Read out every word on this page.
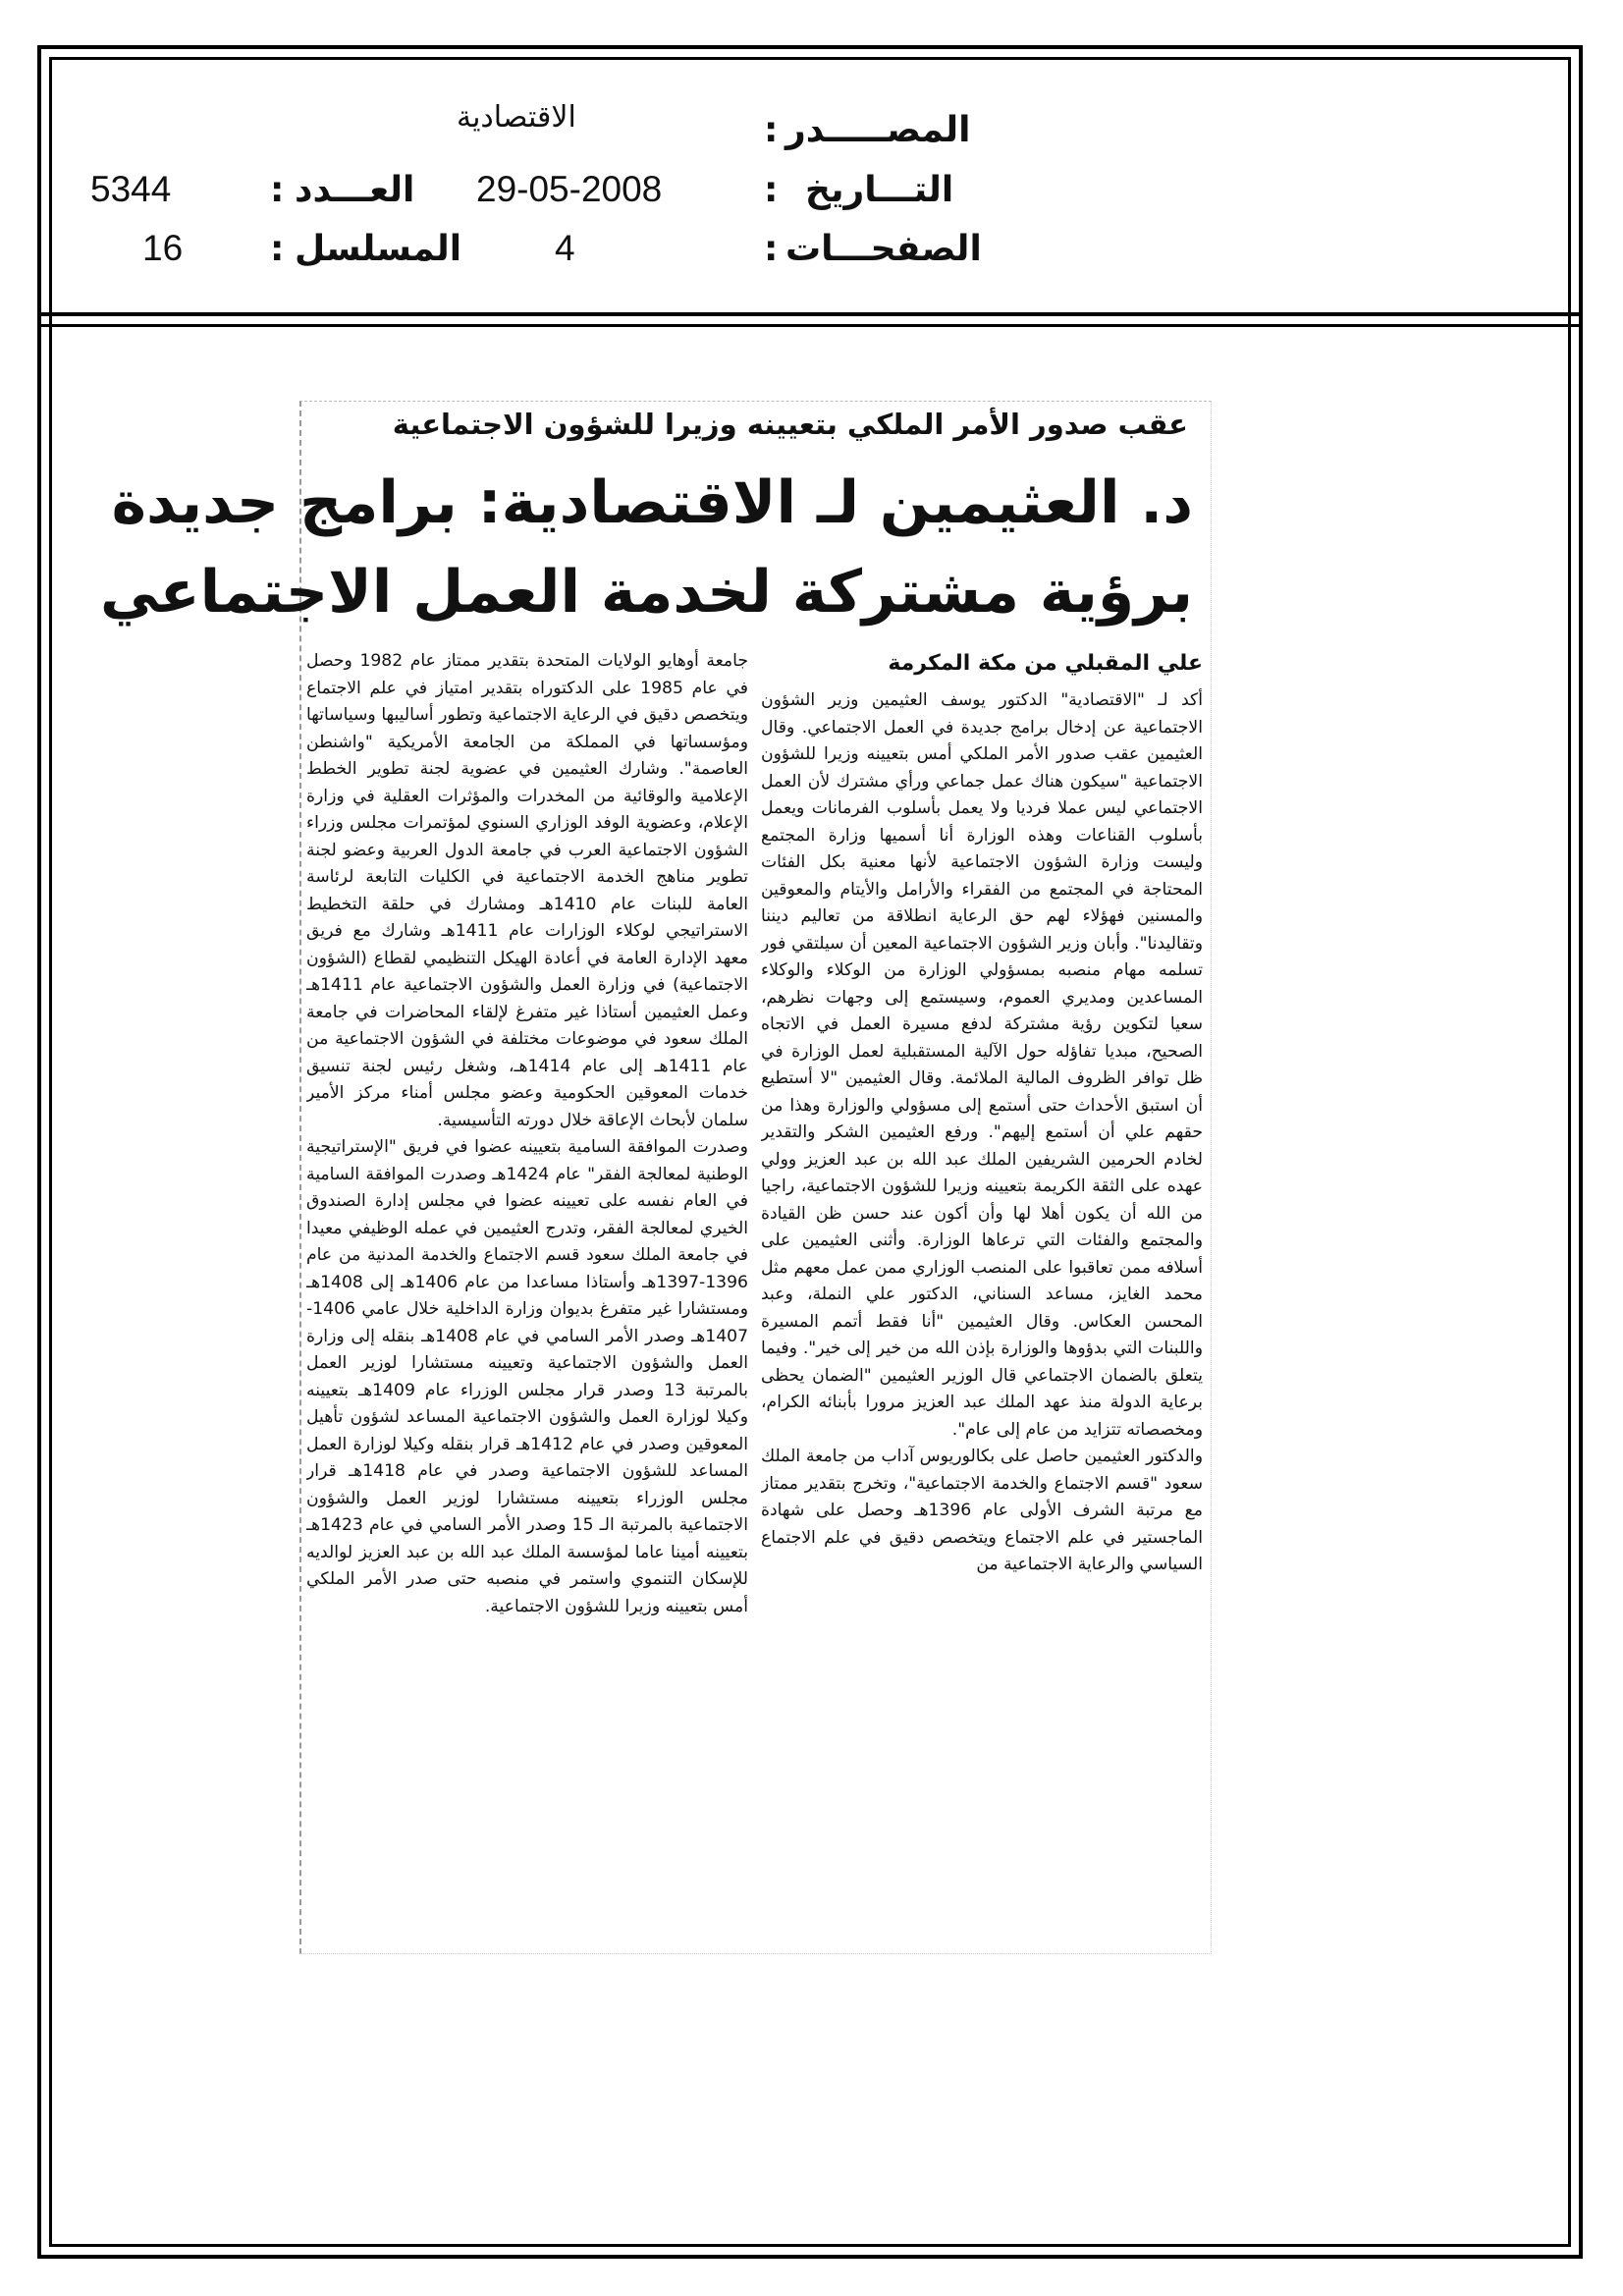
المصـــــدر
:
الاقتصادية
التـــاريخ
:
29-05-2008
العـــدد
:
5344
الصفحـــات
:
4
المسلسل
:
16
عقب صدور الأمر الملكي بتعيينه وزيرا للشؤون الاجتماعية
د. العثيمين لـ الاقتصادية: برامج جديدة
برؤية مشتركة لخدمة العمل الاجتماعي
علي المقبلي من مكة المكرمة

أكد لـ "الاقتصادية" الدكتور يوسف العثيمين وزير الشؤون الاجتماعية عن إدخال برامج جديدة في العمل الاجتماعي. وقال العثيمين عقب صدور الأمر الملكي أمس بتعيينه وزيرا للشؤون الاجتماعية "سيكون هناك عمل جماعي ورأي مشترك لأن العمل الاجتماعي ليس عملا فرديا ولا يعمل بأسلوب الفرمانات ويعمل بأسلوب القناعات وهذه الوزارة أنا أسميها وزارة المجتمع وليست وزارة الشؤون الاجتماعية لأنها معنية بكل الفئات المحتاجة في المجتمع من الفقراء والأرامل والأيتام والمعوقين والمسنين فهؤلاء لهم حق الرعاية انطلاقة من تعاليم ديننا وتقاليدنا". وأبان وزير الشؤون الاجتماعية المعين أن سيلتقي فور تسلمه مهام منصبه بمسؤولي الوزارة من الوكلاء والوكلاء المساعدين ومديري العموم، وسيستمع إلى وجهات نظرهم، سعيا لتكوين رؤية مشتركة لدفع مسيرة العمل في الاتجاه الصحيح، مبديا تفاؤله حول الآلية المستقبلية لعمل الوزارة في ظل توافر الظروف المالية الملائمة. وقال العثيمين "لا أستطيع أن استبق الأحداث حتى أستمع إلى مسؤولي والوزارة وهذا من حقهم علي أن أستمع إليهم". ورفع العثيمين الشكر والتقدير لخادم الحرمين الشريفين الملك عبد الله بن عبد العزيز وولي عهده على الثقة الكريمة بتعيينه وزيرا للشؤون الاجتماعية، راجيا من الله أن يكون أهلا لها وأن أكون عند حسن ظن القيادة والمجتمع والفئات التي ترعاها الوزارة. وأثنى العثيمين على أسلافه ممن تعاقبوا على المنصب الوزاري ممن عمل معهم مثل محمد الغايز، مساعد السناني، الدكتور علي النملة، وعبد المحسن العكاس. وقال العثيمين "أنا فقط أتمم المسيرة واللبنات التي بدؤوها والوزارة بإذن الله من خير إلى خير". وفيما يتعلق بالضمان الاجتماعي قال الوزير العثيمين "الضمان يحظى برعاية الدولة منذ عهد الملك عبد العزيز مرورا بأبنائه الكرام، ومخصصاته تتزايد من عام إلى عام".

والدكتور العثيمين حاصل على بكالوريوس آداب من جامعة الملك سعود "قسم الاجتماع والخدمة الاجتماعية"، وتخرج بتقدير ممتاز مع مرتبة الشرف الأولى عام 1396هـ وحصل على شهادة الماجستير في علم الاجتماع ويتخصص دقيق في علم الاجتماع السياسي والرعاية الاجتماعية من

جامعة أوهايو الولايات المتحدة بتقدير ممتاز عام 1982 وحصل في عام 1985 على الدكتوراه بتقدير امتياز في علم الاجتماع ويتخصص دقيق في الرعاية الاجتماعية وتطور أساليبها وسياساتها ومؤسساتها في المملكة من الجامعة الأمريكية "واشنطن العاصمة". وشارك العثيمين في عضوية لجنة تطوير الخطط الإعلامية والوقائية من المخدرات والمؤثرات العقلية في وزارة الإعلام، وعضوية الوفد الوزاري السنوي لمؤتمرات مجلس وزراء الشؤون الاجتماعية العرب في جامعة الدول العربية وعضو لجنة تطوير مناهج الخدمة الاجتماعية في الكليات التابعة لرئاسة العامة للبنات عام 1410هـ ومشارك في حلقة التخطيط الاستراتيجي لوكلاء الوزارات عام 1411هـ وشارك مع فريق معهد الإدارة العامة في أعادة الهيكل التنظيمي لقطاع (الشؤون الاجتماعية) في وزارة العمل والشؤون الاجتماعية عام 1411هـ وعمل العثيمين أستاذا غير متفرغ لإلقاء المحاضرات في جامعة الملك سعود في موضوعات مختلفة في الشؤون الاجتماعية من عام 1411هـ إلى عام 1414هـ، وشغل رئيس لجنة تنسيق خدمات المعوقين الحكومية وعضو مجلس أمناء مركز الأمير سلمان لأبحاث الإعاقة خلال دورته التأسيسية.

وصدرت الموافقة السامية بتعيينه عضوا في فريق "الإستراتيجية الوطنية لمعالجة الفقر" عام 1424هـ وصدرت الموافقة السامية في العام نفسه على تعيينه عضوا في مجلس إدارة الصندوق الخيري لمعالجة الفقر، وتدرج العثيمين في عمله الوظيفي معيدا في جامعة الملك سعود قسم الاجتماع والخدمة المدنية من عام 1396-1397هـ وأستاذا مساعدا من عام 1406هـ إلى 1408هـ ومستشارا غير متفرغ بديوان وزارة الداخلية خلال عامي 1406-1407هـ وصدر الأمر السامي في عام 1408هـ بنقله إلى وزارة العمل والشؤون الاجتماعية وتعيينه مستشارا لوزير العمل بالمرتبة 13 وصدر قرار مجلس الوزراء عام 1409هـ بتعيينه وكيلا لوزارة العمل والشؤون الاجتماعية المساعد لشؤون تأهيل المعوقين وصدر في عام 1412هـ قرار بنقله وكيلا لوزارة العمل المساعد للشؤون الاجتماعية وصدر في عام 1418هـ قرار مجلس الوزراء بتعيينه مستشارا لوزير العمل والشؤون الاجتماعية بالمرتبة الـ 15 وصدر الأمر السامي في عام 1423هـ بتعيينه أمينا عاما لمؤسسة الملك عبد الله بن عبد العزيز لوالديه للإسكان التنموي واستمر في منصبه حتى صدر الأمر الملكي أمس بتعيينه وزيرا للشؤون الاجتماعية.
